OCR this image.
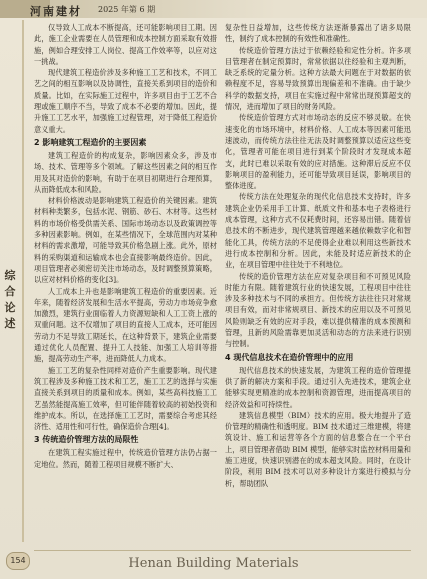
河南建材 2025 年第 6 期
综
合
论
述

仅导致人工成本不断提高，还可能影响项目工期。因此，施工企业需要在人员管理和成本控制方面采取有效措施，例如合理安排工人岗位、提高工作效率等，以应对这一挑战。

现代建筑工程造价涉及多种施工工艺和技术，不同工艺之间的相互影响以及协调性，直接关系到项目的造价和质量。比如，在实际施工过程中，许多项目由于工艺不合理或施工顺序不当，导致了成本不必要的增加。因此，提升施工工艺水平，加强施工过程管理，对于降低工程造价意义重大。

2 影响建筑工程造价的主要因素

建筑工程造价的构成复杂，影响因素众多，涉及市场、技术、管理等多个领域。了解这些因素之间的相互作用及其对造价的影响，有助于在项目初期进行合理预算，从而降低成本和风险。

材料价格波动是影响建筑工程造价的关键因素。建筑材料种类繁多，包括水泥、钢筋、砂石、木材等。这些材料的市场价格受供需关系、国际市场动态以及政策调控等多种因素影响。例如，在某些情况下，全球范围内对某种材料的需求激增，可能导致其价格急剧上涨。此外，原材料的采购渠道和运输成本也会直接影响最终造价。因此，项目管理者必须密切关注市场动态，及时调整预算策略，以应对材料价格的变化[3]。

人工成本上升也是影响建筑工程造价的重要因素。近年来，随着经济发展和生活水平提高，劳动力市场竞争愈加激烈，建筑行业面临着人力资源短缺和人工工资上涨的双重问题。这不仅增加了项目的直接人工成本，还可能因劳动力不足导致工期延长，在这种背景下，建筑企业需要通过优化人员配置、提升工人技能、加强工人培训等措施，提高劳动生产率，进而降低人力成本。

施工工艺的复杂性同样对造价产生重要影响。现代建筑工程涉及多种施工技术和工艺，施工工艺的选择与实施直接关系到项目的质量和成本。例如，某些高科技施工工艺虽然能提高施工效率，但可能伴随着较高的初始投资和维护成本。所以，在选择施工工艺时，需要综合考虑其经济性、适用性和可行性，确保造价合理[4]。

3 传统造价管理方法的局限性

在建筑工程实施过程中，传统造价管理方法仍占据一定地位。然而，随着工程项目规模不断扩大、

复杂性日益增加，这些传统方法逐渐暴露出了诸多局限性，制约了成本控制的有效性和准确性。

传统造价管理方法过于依赖经验和定性分析。许多项目管理者在制定预算时，常常依据以往经验和主观判断，缺乏系统的定量分析。这种方法最大问题在于对数据的依赖程度不足，容易导致预算出现偏差和不准确。由于缺少科学的数据支持，项目在实施过程中常常出现预算超支的情况，进而增加了项目的财务风险。

传统造价管理方式对市场动态的反应不够灵敏。在快速变化的市场环境中，材料价格、人工成本等因素可能迅速波动，而传统方法往往无法及时调整预算以适应这些变化，管理者可能在项目进行到某个阶段时才发现成本超支，此时已难以采取有效的应对措施。这种滞后反应不仅影响项目的盈利能力，还可能导致项目延误，影响项目的整体进度。

传统方法在处理复杂的现代化信息技术支持时，许多建筑企业仍采用手工计算、纸质文件和基本电子表格进行成本管理，这种方式不仅耗费时间，还容易出错。随着信息技术的不断进步，现代建筑管理越来越依赖数字化和智能化工具，传统方法的不足使得企业难以利用这些新技术进行成本控制和分析。因此，未能及时适应新技术的企业，在项目管理中往往处于不利地位。

传统的造价管理方法在应对复杂项目和不可预见风险时能力有限。随着建筑行业的快速发展，工程项目中往往涉及多种技术与不同的承担方。但传统方法往往只对常规项目有效，而对非常规项目、新技术的应用以及不可预见风险则缺乏有效的应对手段，难以提供精准的成本预测和管理，且新的风险需靠更加灵活和动态的方法来进行识别与控制。

4 现代信息技术在造价管理中的应用

现代信息技术的快速发展，为建筑工程的造价管理提供了新的解决方案和手段。通过引入先进技术，建筑企业能够实现更精准的成本控制和资源管理，进而提高项目的经济效益和可持续性。

建筑信息模型（BIM）技术的应用。极大地提升了造价管理的精确性和透明度。BIM 技术通过三维建模，将建筑设计、施工和运营等各个方面的信息整合在一个平台上，项目管理者借助 BIM 模型，能够实时监控材料用量和施工进度，快速识别潜在的成本超支风险。同时，在设计阶段，利用 BIM 技术可以对多种设计方案进行模拟与分析，帮助团队

Henan Building Materials
154
